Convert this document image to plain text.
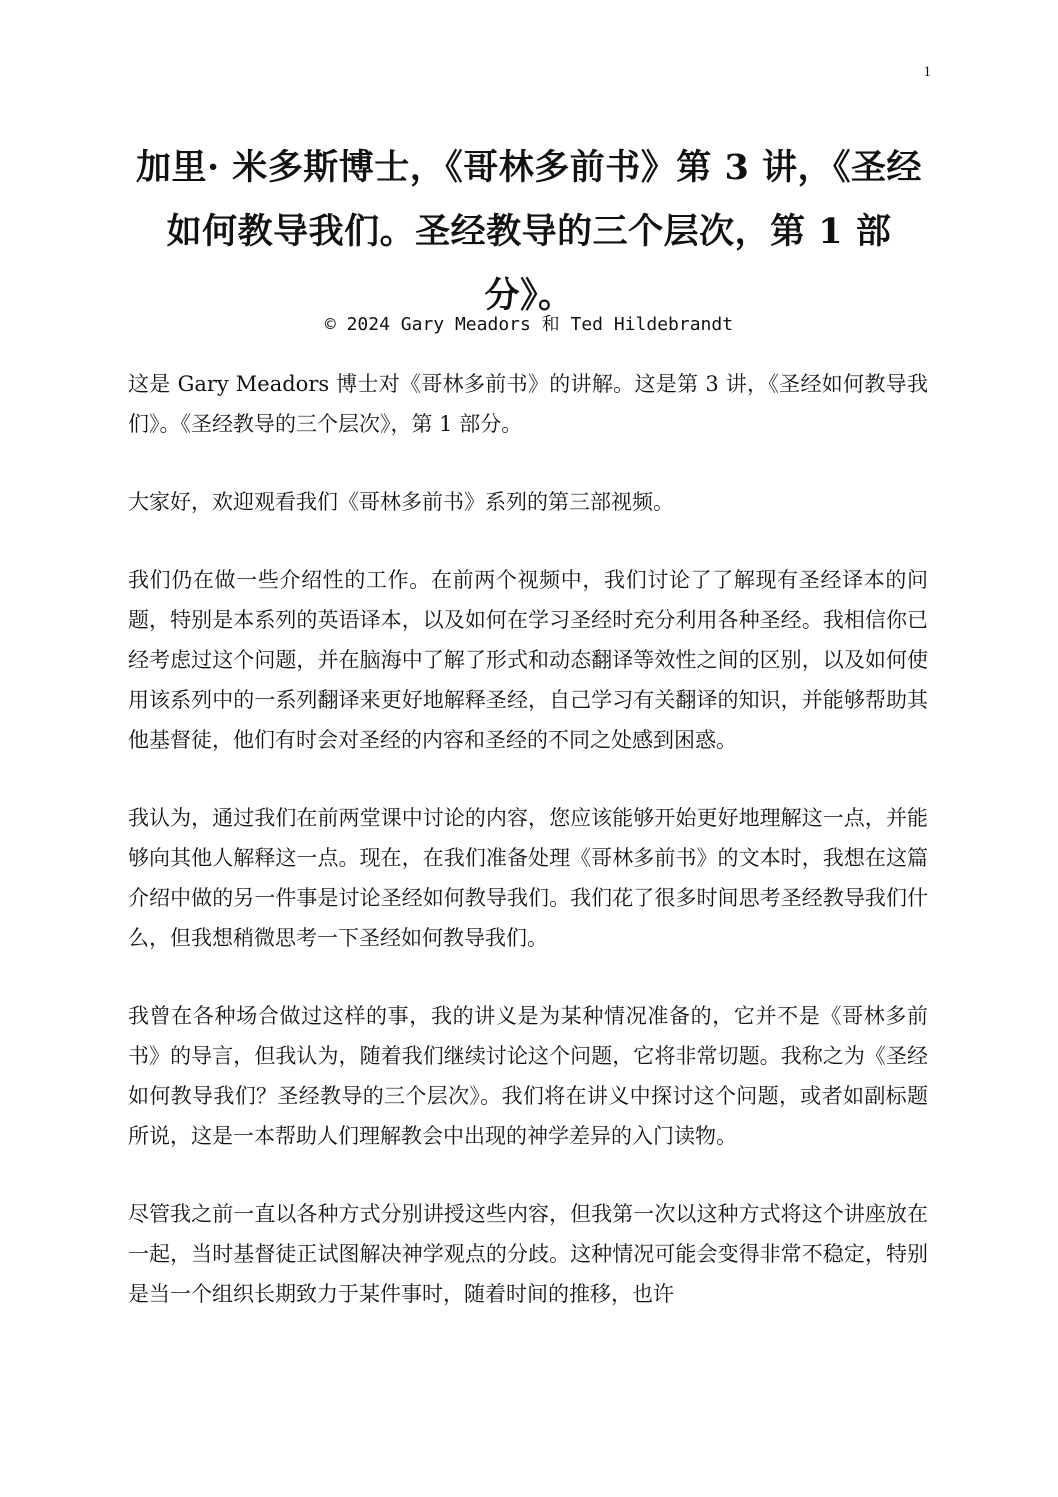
1
加里· 米多斯博士，《哥林多前书》第 3 讲，《圣经如何教导我们。圣经教导的三个层次，第 1 部分》。
© 2024 Gary Meadors 和 Ted Hildebrandt

这是 Gary Meadors 博士对《哥林多前书》的讲解。这是第 3 讲，《圣经如何教导我们》。《圣经教导的三个层次》，第 1 部分。

大家好，欢迎观看我们《哥林多前书》系列的第三部视频。

我们仍在做一些介绍性的工作。在前两个视频中，我们讨论了了解现有圣经译本的问题，特别是本系列的英语译本，以及如何在学习圣经时充分利用各种圣经。我相信你已经考虑过这个问题，并在脑海中了解了形式和动态翻译等效性之间的区别，以及如何使用该系列中的一系列翻译来更好地解释圣经，自己学习有关翻译的知识，并能够帮助其他基督徒，他们有时会对圣经的内容和圣经的不同之处感到困惑。

我认为，通过我们在前两堂课中讨论的内容，您应该能够开始更好地理解这一点，并能够向其他人解释这一点。现在，在我们准备处理《哥林多前书》的文本时，我想在这篇介绍中做的另一件事是讨论圣经如何教导我们。我们花了很多时间思考圣经教导我们什么，但我想稍微思考一下圣经如何教导我们。

我曾在各种场合做过这样的事，我的讲义是为某种情况准备的，它并不是《哥林多前书》的导言，但我认为，随着我们继续讨论这个问题，它将非常切题。我称之为《圣经如何教导我们？圣经教导的三个层次》。我们将在讲义中探讨这个问题，或者如副标题所说，这是一本帮助人们理解教会中出现的神学差异的入门读物。

尽管我之前一直以各种方式分别讲授这些内容，但我第一次以这种方式将这个讲座放在一起，当时基督徒正试图解决神学观点的分歧。这种情况可能会变得非常不稳定，特别是当一个组织长期致力于某件事时，随着时间的推移，也许
